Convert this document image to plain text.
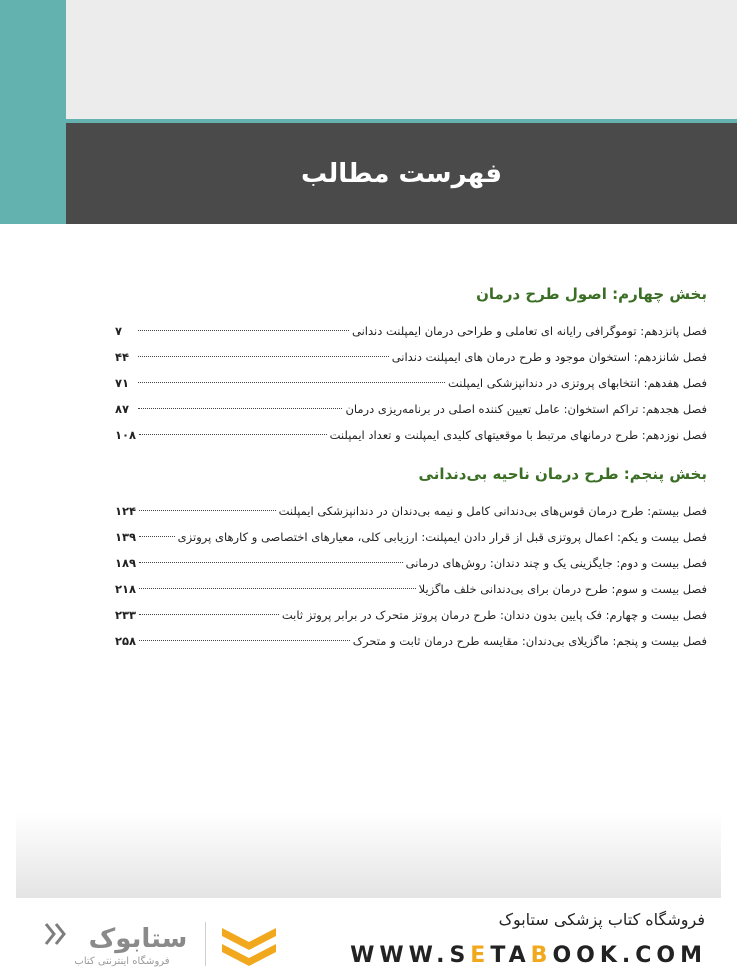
فهرست مطالب
بخش چهارم: اصول طرح درمان
فصل پانزدهم: توموگرافی رایانه ای تعاملی و طراحی درمان ایمپلنت دندانی
۷
فصل شانزدهم: استخوان موجود و طرح درمان های ایمپلنت دندانی
۴۴
فصل هفدهم: انتخابهای پروتزی در دندانپزشکی ایمپلنت
۷۱
فصل هجدهم: تراکم استخوان: عامل تعیین کننده اصلی در برنامه‌ریزی درمان
۸۷
فصل نوزدهم: طرح درمانهای مرتبط با موقعیتهای کلیدی ایمپلنت و تعداد ایمپلنت
۱۰۸
بخش پنجم: طرح درمان ناحیه بی‌دندانی
فصل بیستم: طرح درمان قوس‌های بی‌دندانی کامل و نیمه بی‌دندان در دندانپزشکی ایمپلنت
۱۲۴
فصل بیست و یکم: اعمال پروتزی قبل از قرار دادن ایمپلنت: ارزیابی کلی، معیارهای اختصاصی و کارهای پروتزی
۱۳۹
فصل بیست و دوم: جایگزینی یک و چند دندان: روش‌های درمانی
۱۸۹
فصل بیست و سوم: طرح درمان برای بی‌دندانی خلف ماگزیلا
۲۱۸
فصل بیست و چهارم: فک پایین بدون دندان: طرح درمان پروتز متحرک در برابر پروتز ثابت
۲۳۳
فصل بیست و پنجم: ماگزیلای بی‌دندان: مقایسه طرح درمان ثابت و متحرک
۲۵۸
ستابوک
فروشگاه اینترنتی کتاب
فروشگاه کتاب پزشکی ستابوک
WWW.SETABOOK.COM
